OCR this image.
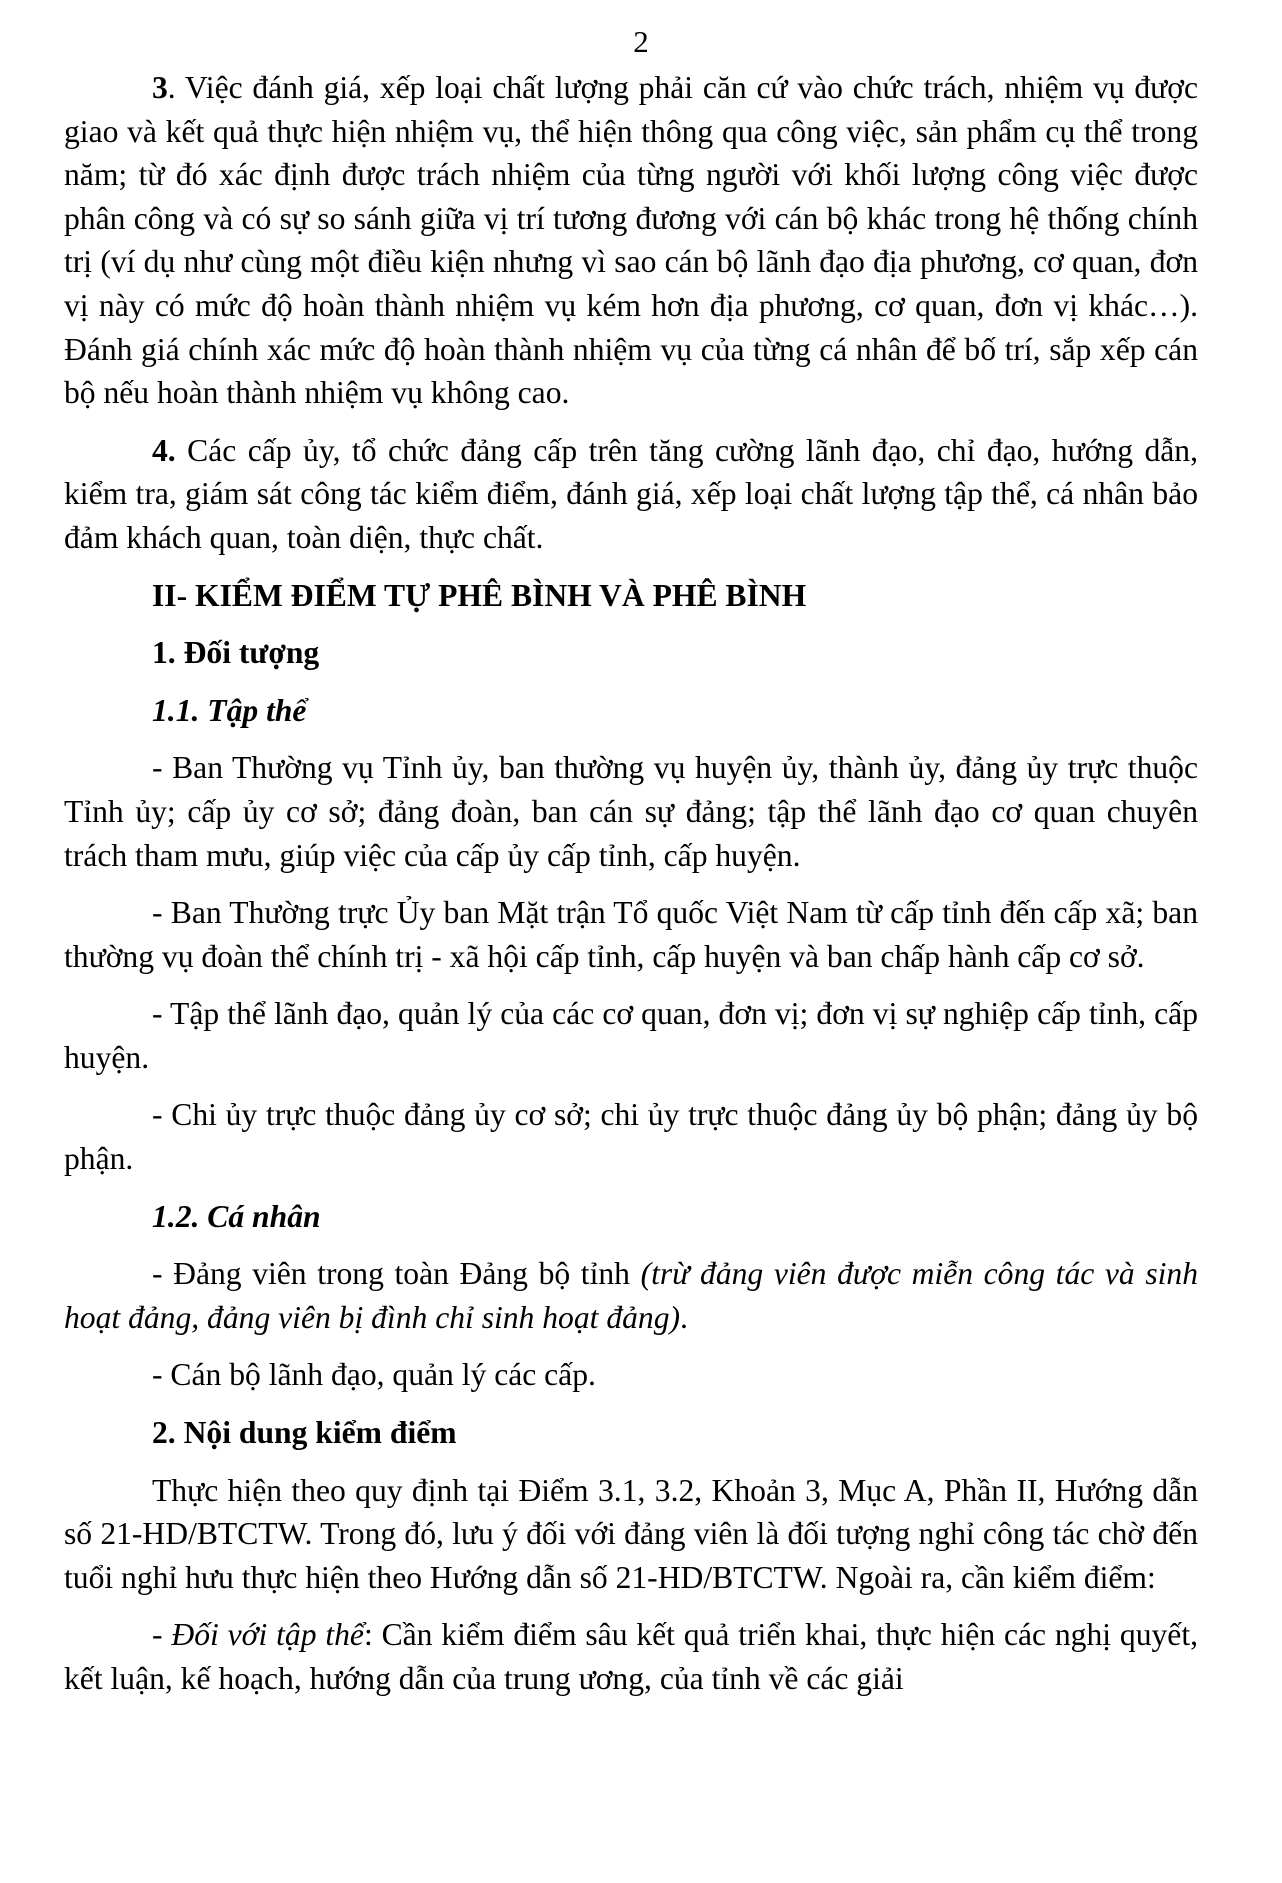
2

3. Việc đánh giá, xếp loại chất lượng phải căn cứ vào chức trách, nhiệm vụ được giao và kết quả thực hiện nhiệm vụ, thể hiện thông qua công việc, sản phẩm cụ thể trong năm; từ đó xác định được trách nhiệm của từng người với khối lượng công việc được phân công và có sự so sánh giữa vị trí tương đương với cán bộ khác trong hệ thống chính trị (ví dụ như cùng một điều kiện nhưng vì sao cán bộ lãnh đạo địa phương, cơ quan, đơn vị này có mức độ hoàn thành nhiệm vụ kém hơn địa phương, cơ quan, đơn vị khác…). Đánh giá chính xác mức độ hoàn thành nhiệm vụ của từng cá nhân để bố trí, sắp xếp cán bộ nếu hoàn thành nhiệm vụ không cao.

4. Các cấp ủy, tổ chức đảng cấp trên tăng cường lãnh đạo, chỉ đạo, hướng dẫn, kiểm tra, giám sát công tác kiểm điểm, đánh giá, xếp loại chất lượng tập thể, cá nhân bảo đảm khách quan, toàn diện, thực chất.

II- KIỂM ĐIỂM TỰ PHÊ BÌNH VÀ PHÊ BÌNH

1. Đối tượng

1.1. Tập thể

- Ban Thường vụ Tỉnh ủy, ban thường vụ huyện ủy, thành ủy, đảng ủy trực thuộc Tỉnh ủy; cấp ủy cơ sở; đảng đoàn, ban cán sự đảng; tập thể lãnh đạo cơ quan chuyên trách tham mưu, giúp việc của cấp ủy cấp tỉnh, cấp huyện.

- Ban Thường trực Ủy ban Mặt trận Tổ quốc Việt Nam từ cấp tỉnh đến cấp xã; ban thường vụ đoàn thể chính trị - xã hội cấp tỉnh, cấp huyện và ban chấp hành cấp cơ sở.

- Tập thể lãnh đạo, quản lý của các cơ quan, đơn vị; đơn vị sự nghiệp cấp tỉnh, cấp huyện.

- Chi ủy trực thuộc đảng ủy cơ sở; chi ủy trực thuộc đảng ủy bộ phận; đảng ủy bộ phận.

1.2. Cá nhân

- Đảng viên trong toàn Đảng bộ tỉnh (trừ đảng viên được miễn công tác và sinh hoạt đảng, đảng viên bị đình chỉ sinh hoạt đảng).

- Cán bộ lãnh đạo, quản lý các cấp.

2. Nội dung kiểm điểm

Thực hiện theo quy định tại Điểm 3.1, 3.2, Khoản 3, Mục A, Phần II, Hướng dẫn số 21-HD/BTCTW. Trong đó, lưu ý đối với đảng viên là đối tượng nghỉ công tác chờ đến tuổi nghỉ hưu thực hiện theo Hướng dẫn số 21-HD/BTCTW. Ngoài ra, cần kiểm điểm:

- Đối với tập thể: Cần kiểm điểm sâu kết quả triển khai, thực hiện các nghị quyết, kết luận, kế hoạch, hướng dẫn của trung ương, của tỉnh về các giải
